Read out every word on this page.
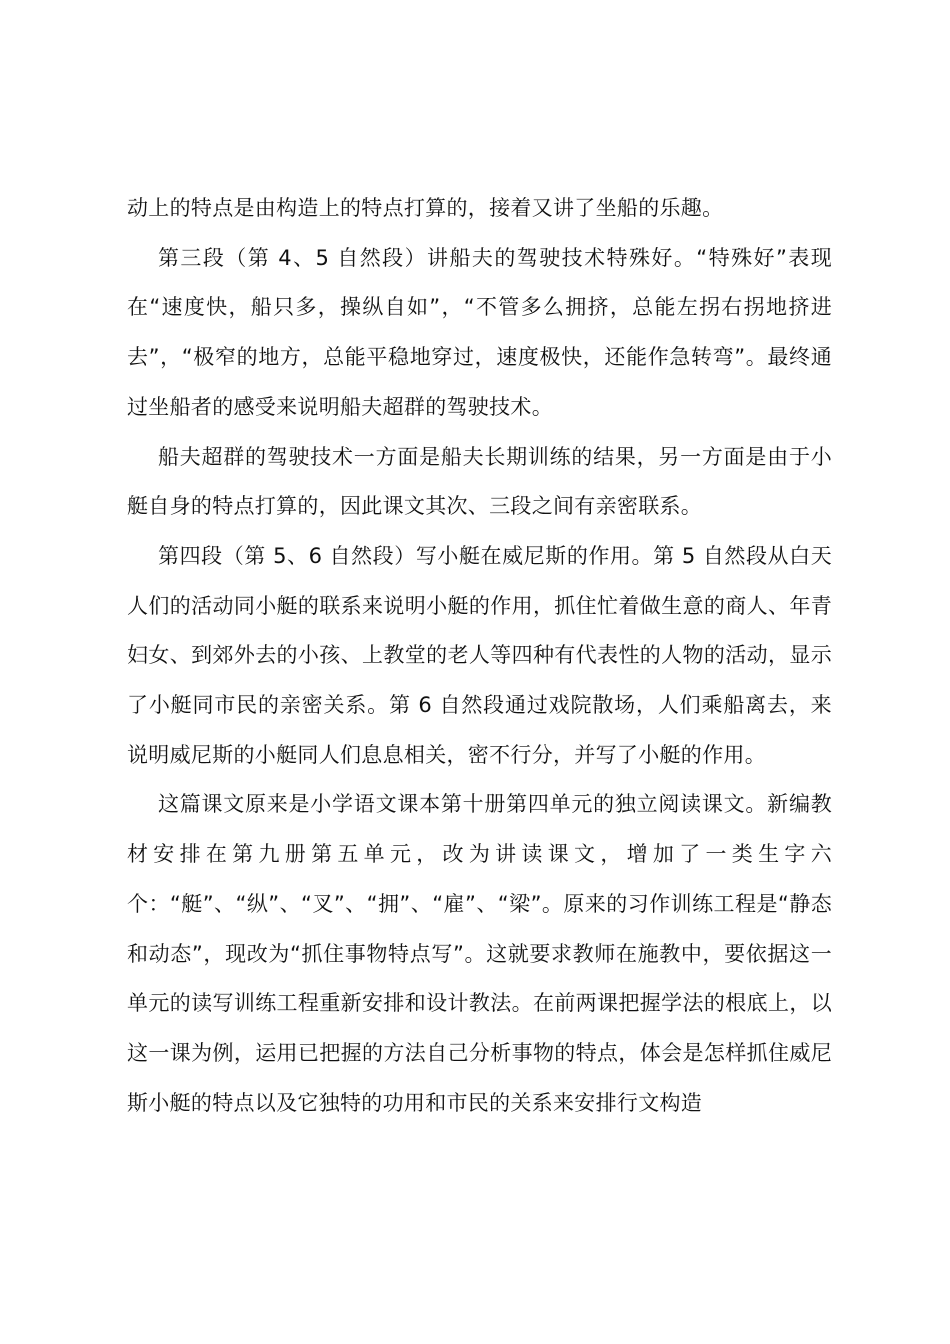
动上的特点是由构造上的特点打算的，接着又讲了坐船的乐趣。

第三段（第 4、5 自然段）讲船夫的驾驶技术特殊好。“特殊好”表现在“速度快，船只多，操纵自如”，“不管多么拥挤，总能左拐右拐地挤进去”，“极窄的地方，总能平稳地穿过，速度极快，还能作急转弯”。最终通过坐船者的感受来说明船夫超群的驾驶技术。

船夫超群的驾驶技术一方面是船夫长期训练的结果，另一方面是由于小艇自身的特点打算的，因此课文其次、三段之间有亲密联系。

第四段（第 5、6 自然段）写小艇在威尼斯的作用。第 5 自然段从白天人们的活动同小艇的联系来说明小艇的作用，抓住忙着做生意的商人、年青妇女、到郊外去的小孩、上教堂的老人等四种有代表性的人物的活动，显示了小艇同市民的亲密关系。第 6 自然段通过戏院散场，人们乘船离去，来说明威尼斯的小艇同人们息息相关，密不行分，并写了小艇的作用。

这篇课文原来是小学语文课本第十册第四单元的独立阅读课文。新编教材安排在第九册第五单元，改为讲读课文，增加了一类生字六个：“艇”、“纵”、“叉”、“拥”、“雇”、“梁”。原来的习作训练工程是“静态和动态”，现改为“抓住事物特点写”。这就要求教师在施教中，要依据这一单元的读写训练工程重新安排和设计教法。在前两课把握学法的根底上，以这一课为例，运用已把握的方法自己分析事物的特点，体会是怎样抓住威尼斯小艇的特点以及它独特的功用和市民的关系来安排行文构造
